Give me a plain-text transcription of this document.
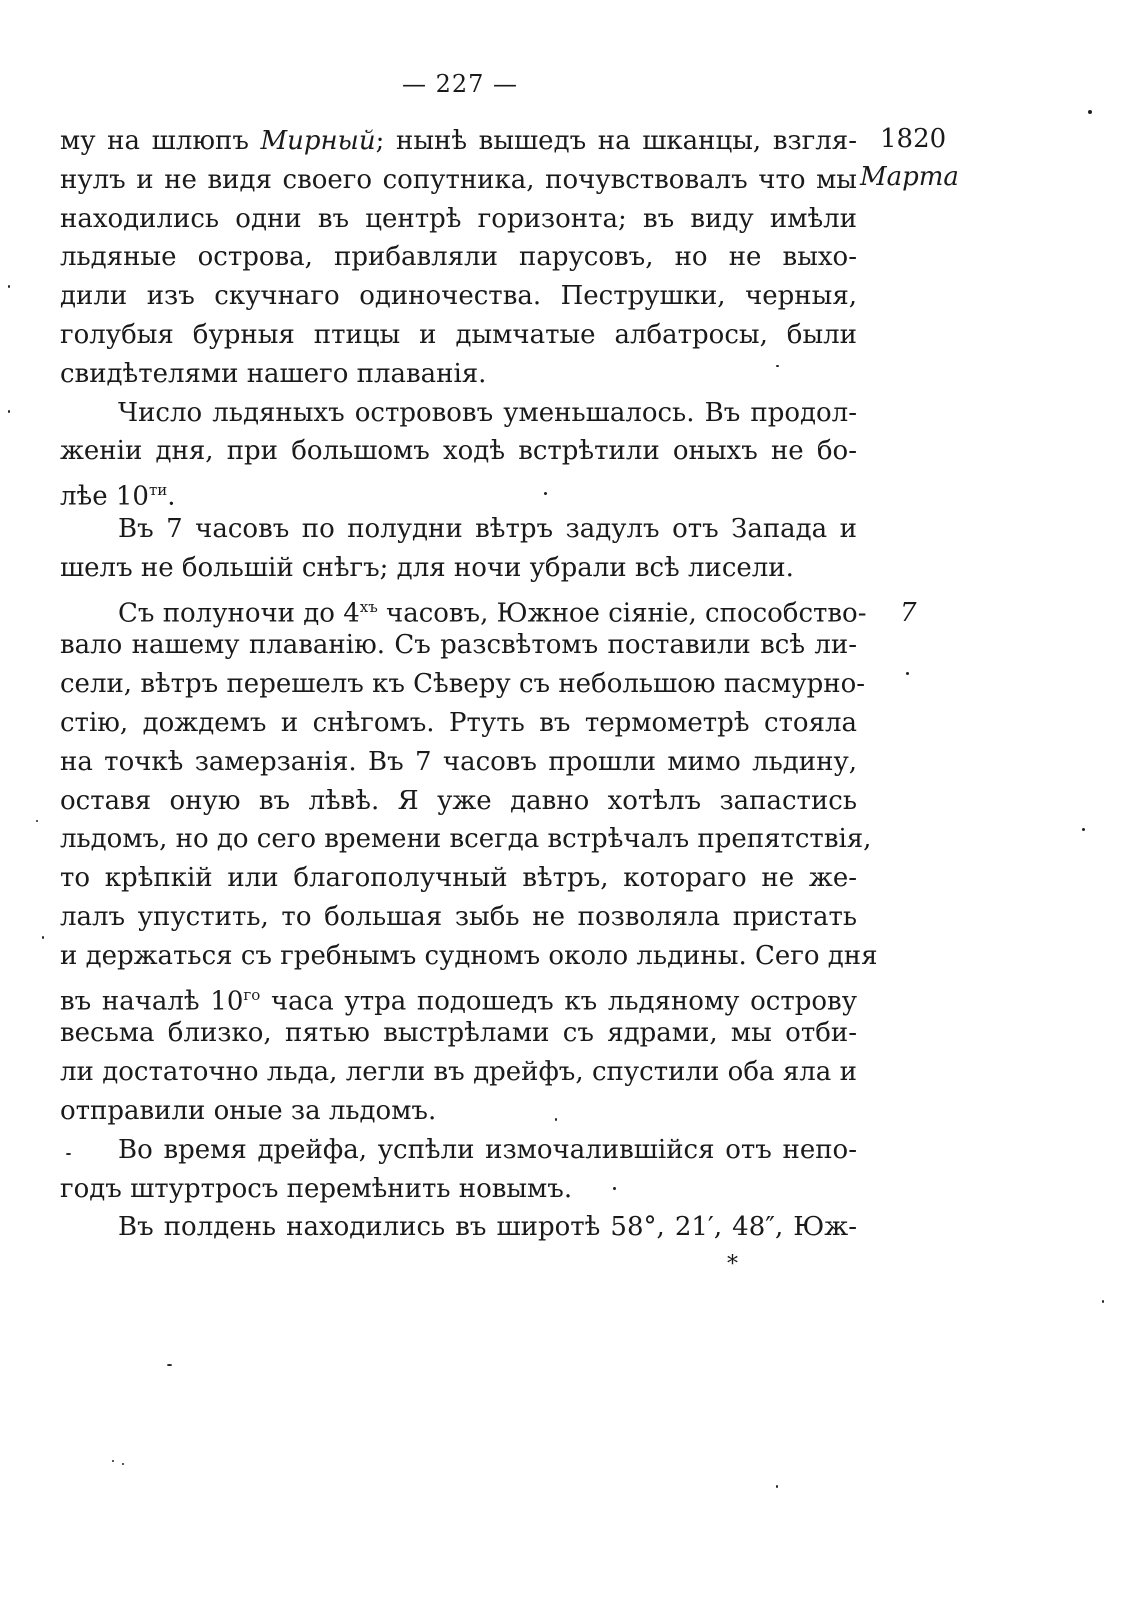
— 227 —
1820
Марта
7
му на шлюпъ Мирный; нынѣ вышедъ на шканцы, взгля-
нулъ и не видя своего сопутника, почувствовалъ что мы
находились одни въ центрѣ горизонта; въ виду имѣли
льдяные острова, прибавляли парусовъ, но не выхо-
дили изъ скучнаго одиночества. Пеструшки, черныя,
голубыя бурныя птицы и дымчатые албатросы, были
свидѣтелями нашего плаванія.
Число льдяныхъ острововъ уменьшалось. Въ продол-
женіи дня, при большомъ ходѣ встрѣтили оныхъ не бо-
лѣе $10^{ти}$.
Въ 7 часовъ по полудни вѣтръ задулъ отъ Запада и
шелъ не большій снѣгъ; для ночи убрали всѣ лисели.
Съ полуночи до $4^{хъ}$ часовъ, Южное сіяніе, способство-
вало нашему плаванію. Съ разсвѣтомъ поставили всѣ ли-
сели, вѣтръ перешелъ къ Сѣверу съ небольшою пасмурно-
стію, дождемъ и снѣгомъ. Ртуть въ термометрѣ стояла
на точкѣ замерзанія. Въ 7 часовъ прошли мимо льдину,
оставя оную въ лѣвѣ. Я уже давно хотѣлъ запастись
льдомъ, но до сего времени всегда встрѣчалъ препятствія,
то крѣпкій или благополучный вѣтръ, котораго не же-
лалъ упустить, то большая зыбь не позволяла пристать
и держаться съ гребнымъ судномъ около льдины. Сего дня
въ началѣ $10^{го}$ часа утра подошедъ къ льдяному острову
весьма близко, пятью выстрѣлами съ ядрами, мы отби-
ли достаточно льда, легли въ дрейфъ, спустили оба яла и
отправили оные за льдомъ.
Во время дрейфа, успѣли измочалившійся отъ непо-
годъ штуртросъ перемѣнить новымъ.
Въ полдень находились въ широтѣ 58°, 21′, 48″, Юж-
*
